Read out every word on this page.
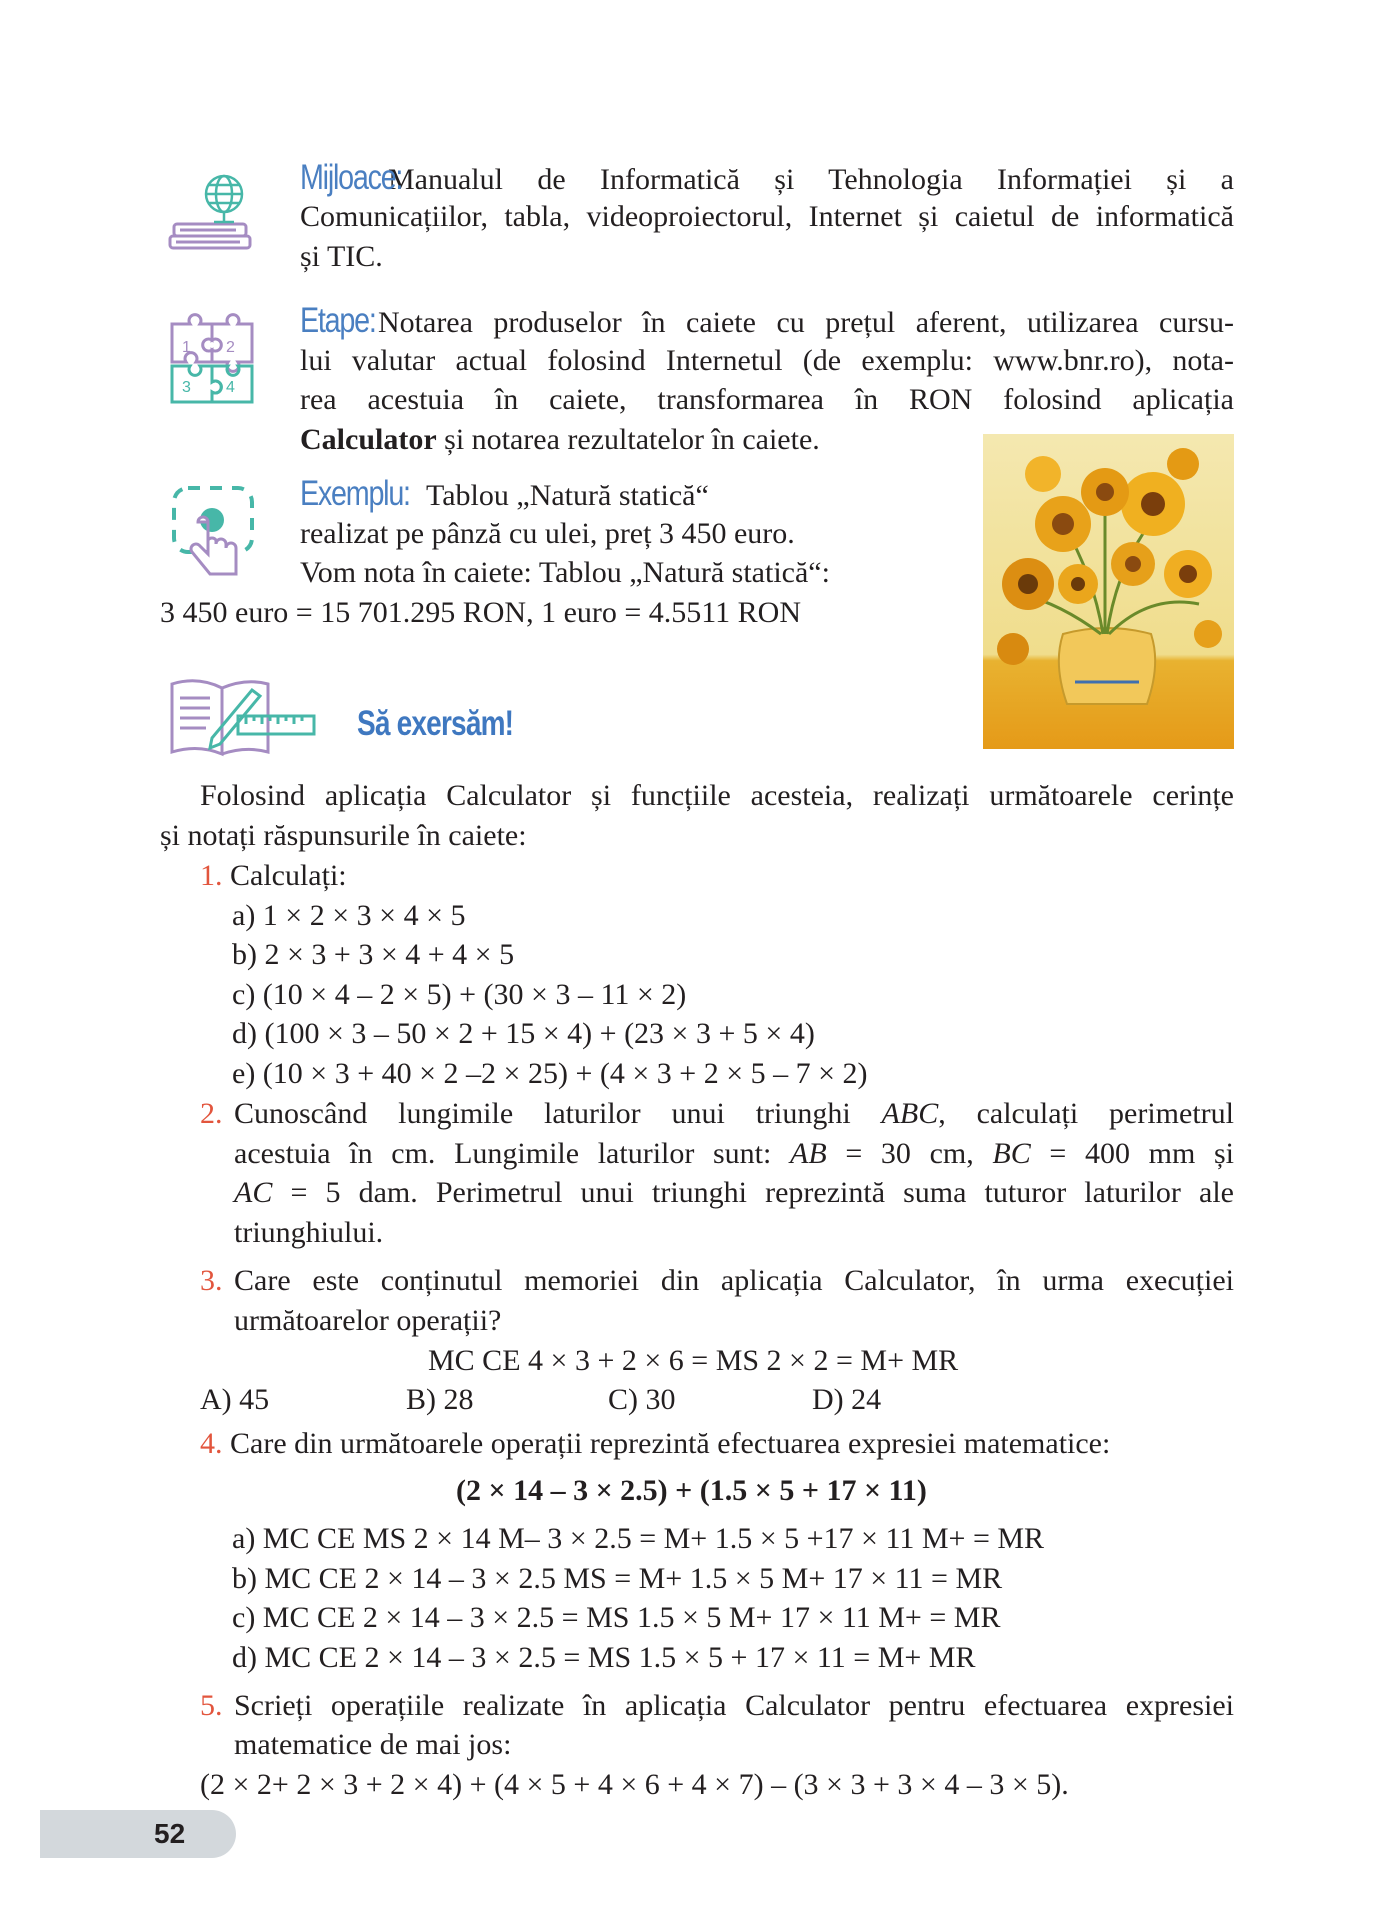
1 2
3 4
Mijloace:Manualul de Informatică și Tehnologia Informației și a
Comunicațiilor, tabla, videoproiectorul, Internet și caietul de informatică
și TIC.
Etape:Notarea produselor în caiete cu prețul aferent, utilizarea cursu-
lui valutar actual folosind Internetul (de exemplu: www.bnr.ro), nota-
rea acestuia în caiete, transformarea în RON folosind aplicația
Calculator și notarea rezultatelor în caiete.
Exemplu: Tablou „Natură statică“
realizat pe pânză cu ulei, preț 3 450 euro.
Vom nota în caiete: Tablou „Natură statică“:
3 450 euro = 15 701.295 RON, 1 euro = 4.5511 RON
Să exersăm!
Folosind aplicația Calculator și funcțiile acesteia, realizați următoarele cerințe
și notați răspunsurile în caiete:
1. Calculați:
a) 1 × 2 × 3 × 4 × 5
b) 2 × 3 + 3 × 4 + 4 × 5
c) (10 × 4 – 2 × 5) + (30 × 3 – 11 × 2)
d) (100 × 3 – 50 × 2 + 15 × 4) + (23 × 3 + 5 × 4)
e) (10 × 3 + 40 × 2 –2 × 25) + (4 × 3 + 2 × 5 – 7 × 2)
2. Cunoscând lungimile laturilor unui triunghi ABC, calculați perimetrul
acestuia în cm. Lungimile laturilor sunt: AB = 30 cm, BC = 400 mm și
AC = 5 dam. Perimetrul unui triunghi reprezintă suma tuturor laturilor ale
triunghiului.
3. Care este conținutul memoriei din aplicația Calculator, în urma execuției
următoarelor operații?
MC CE 4 × 3 + 2 × 6 = MS 2 × 2 = M+ MR
A) 45	B) 28	C) 30	D) 24
4. Care din următoarele operații reprezintă efectuarea expresiei matematice:
(2 × 14 – 3 × 2.5) + (1.5 × 5 + 17 × 11)
a) MC CE MS 2 × 14 M– 3 × 2.5 = M+ 1.5 × 5 +17 × 11 M+ = MR
b) MC CE 2 × 14 – 3 × 2.5 MS = M+ 1.5 × 5 M+ 17 × 11 = MR
c) MC CE 2 × 14 – 3 × 2.5 = MS 1.5 × 5 M+ 17 × 11 M+ = MR
d) MC CE 2 × 14 – 3 × 2.5 = MS 1.5 × 5 + 17 × 11 = M+ MR
5. Scrieți operațiile realizate în aplicația Calculator pentru efectuarea expresiei
matematice de mai jos:
(2 × 2+ 2 × 3 + 2 × 4) + (4 × 5 + 4 × 6 + 4 × 7) – (3 × 3 + 3 × 4 – 3 × 5).
52
